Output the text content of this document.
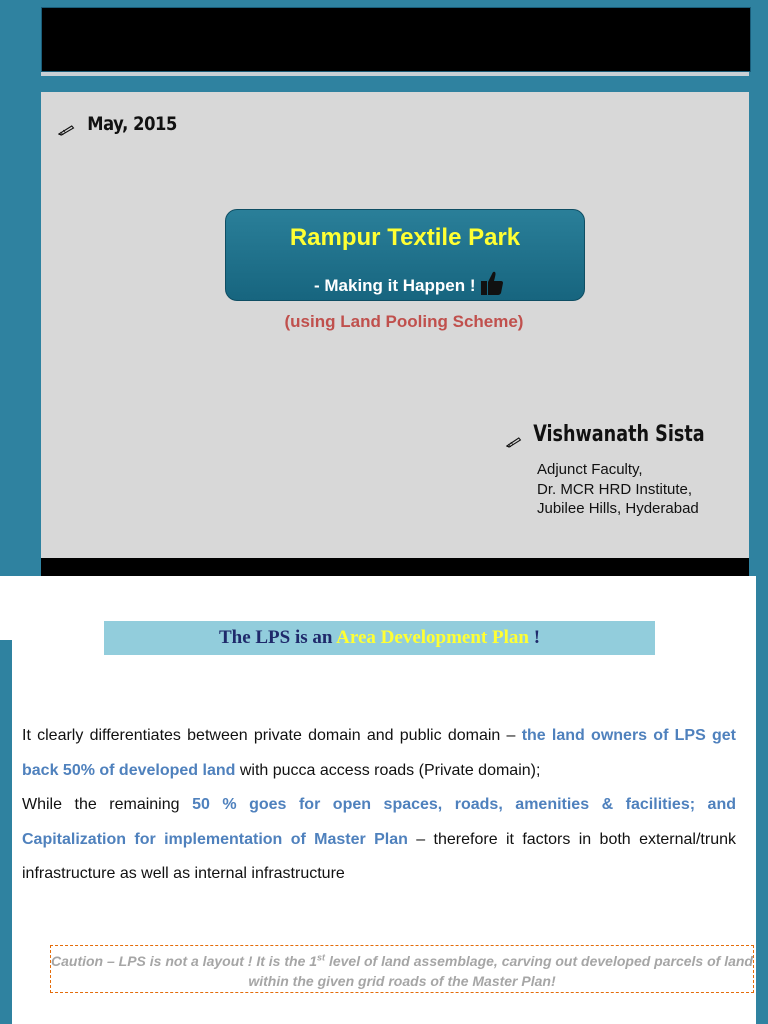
May, 2015
Rampur Textile Park
- Making it Happen !
(using Land Pooling Scheme)
Vishwanath Sista
Adjunct Faculty,
Dr. MCR HRD Institute,
Jubilee Hills, Hyderabad
The LPS is an Area Development Plan !

It clearly differentiates between private domain and public domain – the land owners of LPS get back 50% of developed land with pucca access roads (Private domain);

While the remaining 50 % goes for open spaces, roads, amenities & facilities; and Capitalization for implementation of Master Plan – therefore it factors in both external/trunk infrastructure as well as internal infrastructure

Caution – LPS is not a layout ! It is the 1st level of land assemblage, carving out developed parcels of land within the given grid roads of the Master Plan!
